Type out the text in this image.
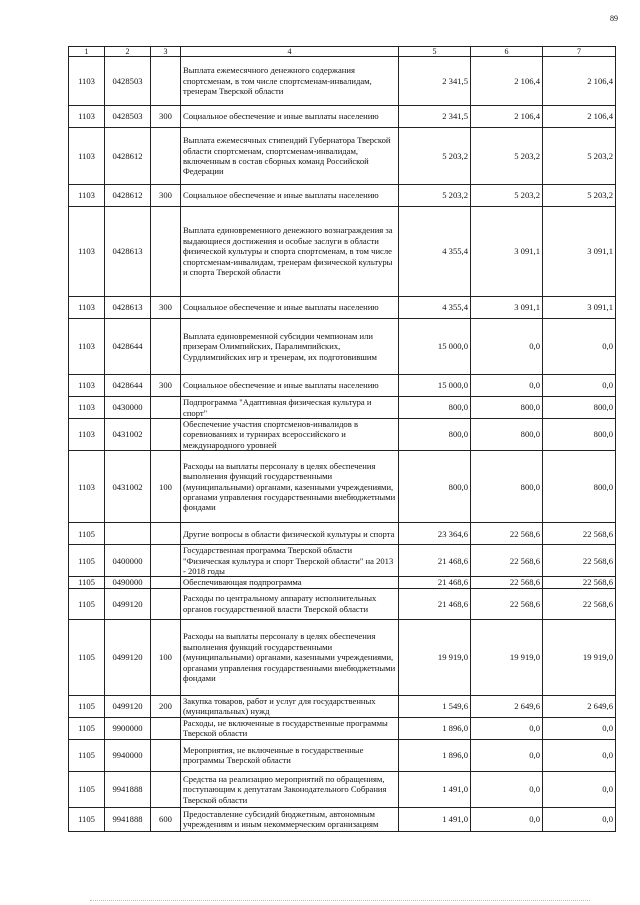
89
1	2	3	4	5	6	7
1103	0428503		Выплата ежемесячного денежного содержания спортсменам, в том числе спортсменам-инвалидам, тренерам Тверской области	2 341,5	2 106,4	2 106,4
1103	0428503	300	Социальное обеспечение и иные выплаты населению	2 341,5	2 106,4	2 106,4
1103	0428612		Выплата ежемесячных стипендий Губернатора Тверской области спортсменам, спортсменам-инвалидам, включенным в состав сборных команд Российской Федерации	5 203,2	5 203,2	5 203,2
1103	0428612	300	Социальное обеспечение и иные выплаты населению	5 203,2	5 203,2	5 203,2
1103	0428613		Выплата единовременного денежного вознаграждения за выдающиеся достижения и особые заслуги в области физической культуры и спорта спортсменам, в том числе спортсменам-инвалидам, тренерам физической культуры и спорта Тверской области	4 355,4	3 091,1	3 091,1
1103	0428613	300	Социальное обеспечение и иные выплаты населению	4 355,4	3 091,1	3 091,1
1103	0428644		Выплата единовременной субсидии чемпионам или призерам Олимпийских, Паралимпийских, Сурдлимпийских игр и тренерам, их подготовившим	15 000,0	0,0	0,0
1103	0428644	300	Социальное обеспечение и иные выплаты населению	15 000,0	0,0	0,0
1103	0430000		Подпрограмма "Адаптивная физическая культура и спорт"	800,0	800,0	800,0
1103	0431002		Обеспечение участия спортсменов-инвалидов в соревнованиях и турнирах всероссийского и международного уровней	800,0	800,0	800,0
1103	0431002	100	Расходы на выплаты персоналу в целях обеспечения выполнения функций государственными (муниципальными) органами, казенными учреждениями, органами управления государственными внебюджетными фондами	800,0	800,0	800,0
1105			Другие вопросы в области физической культуры и спорта	23 364,6	22 568,6	22 568,6
1105	0400000		Государственная программа Тверской области "Физическая культура и спорт Тверской области" на 2013 - 2018 годы	21 468,6	22 568,6	22 568,6
1105	0490000		Обеспечивающая подпрограмма	21 468,6	22 568,6	22 568,6
1105	0499120		Расходы по центральному аппарату исполнительных органов государственной власти Тверской области	21 468,6	22 568,6	22 568,6
1105	0499120	100	Расходы на выплаты персоналу в целях обеспечения выполнения функций государственными (муниципальными) органами, казенными учреждениями, органами управления государственными внебюджетными фондами	19 919,0	19 919,0	19 919,0
1105	0499120	200	Закупка товаров, работ и услуг для государственных (муниципальных) нужд	1 549,6	2 649,6	2 649,6
1105	9900000		Расходы, не включенные в государственные программы Тверской области	1 896,0	0,0	0,0
1105	9940000		Мероприятия, не включенные в государственные программы Тверской области	1 896,0	0,0	0,0
1105	9941888		Средства на реализацию мероприятий по обращениям, поступающим к депутатам Законодательного Собрания Тверской области	1 491,0	0,0	0,0
1105	9941888	600	Предоставление субсидий бюджетным, автономным учреждениям и иным некоммерческим организациям	1 491,0	0,0	0,0
